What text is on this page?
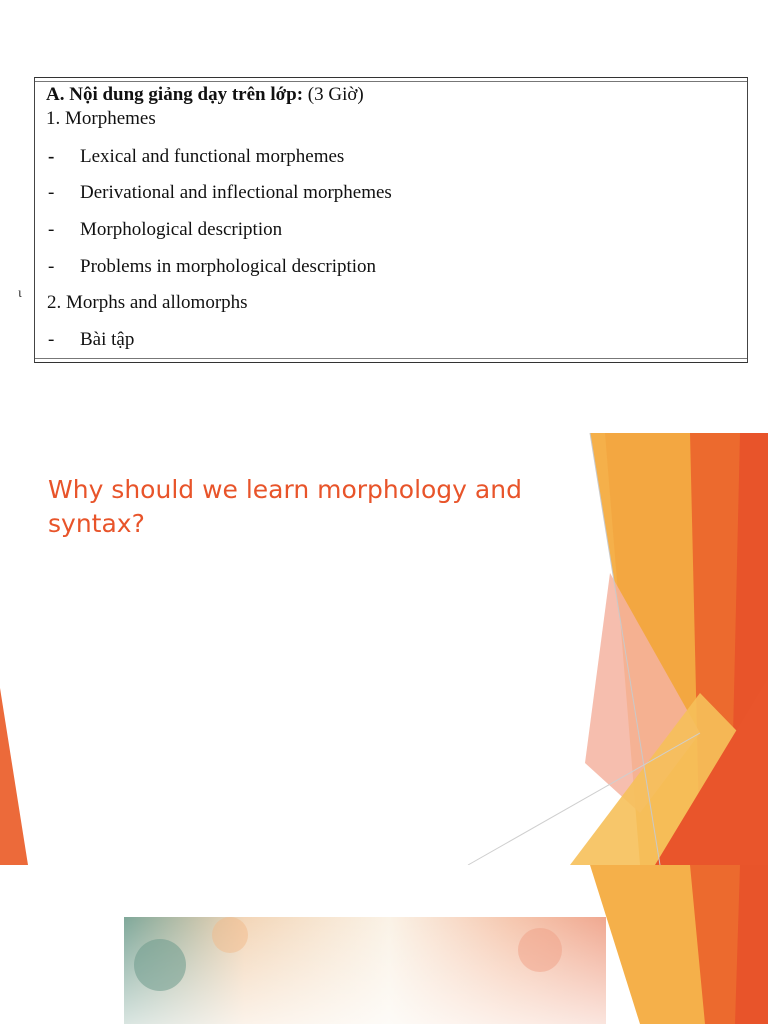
A. Nội dung giảng dạy trên lớp: (3 Giờ)
1. Morphemes
- Lexical and functional morphemes
- Derivational and inflectional morphemes
- Morphological description
- Problems in morphological description
2. Morphs and allomorphs
- Bài tập
ι
Why should we learn morphology and syntax?
